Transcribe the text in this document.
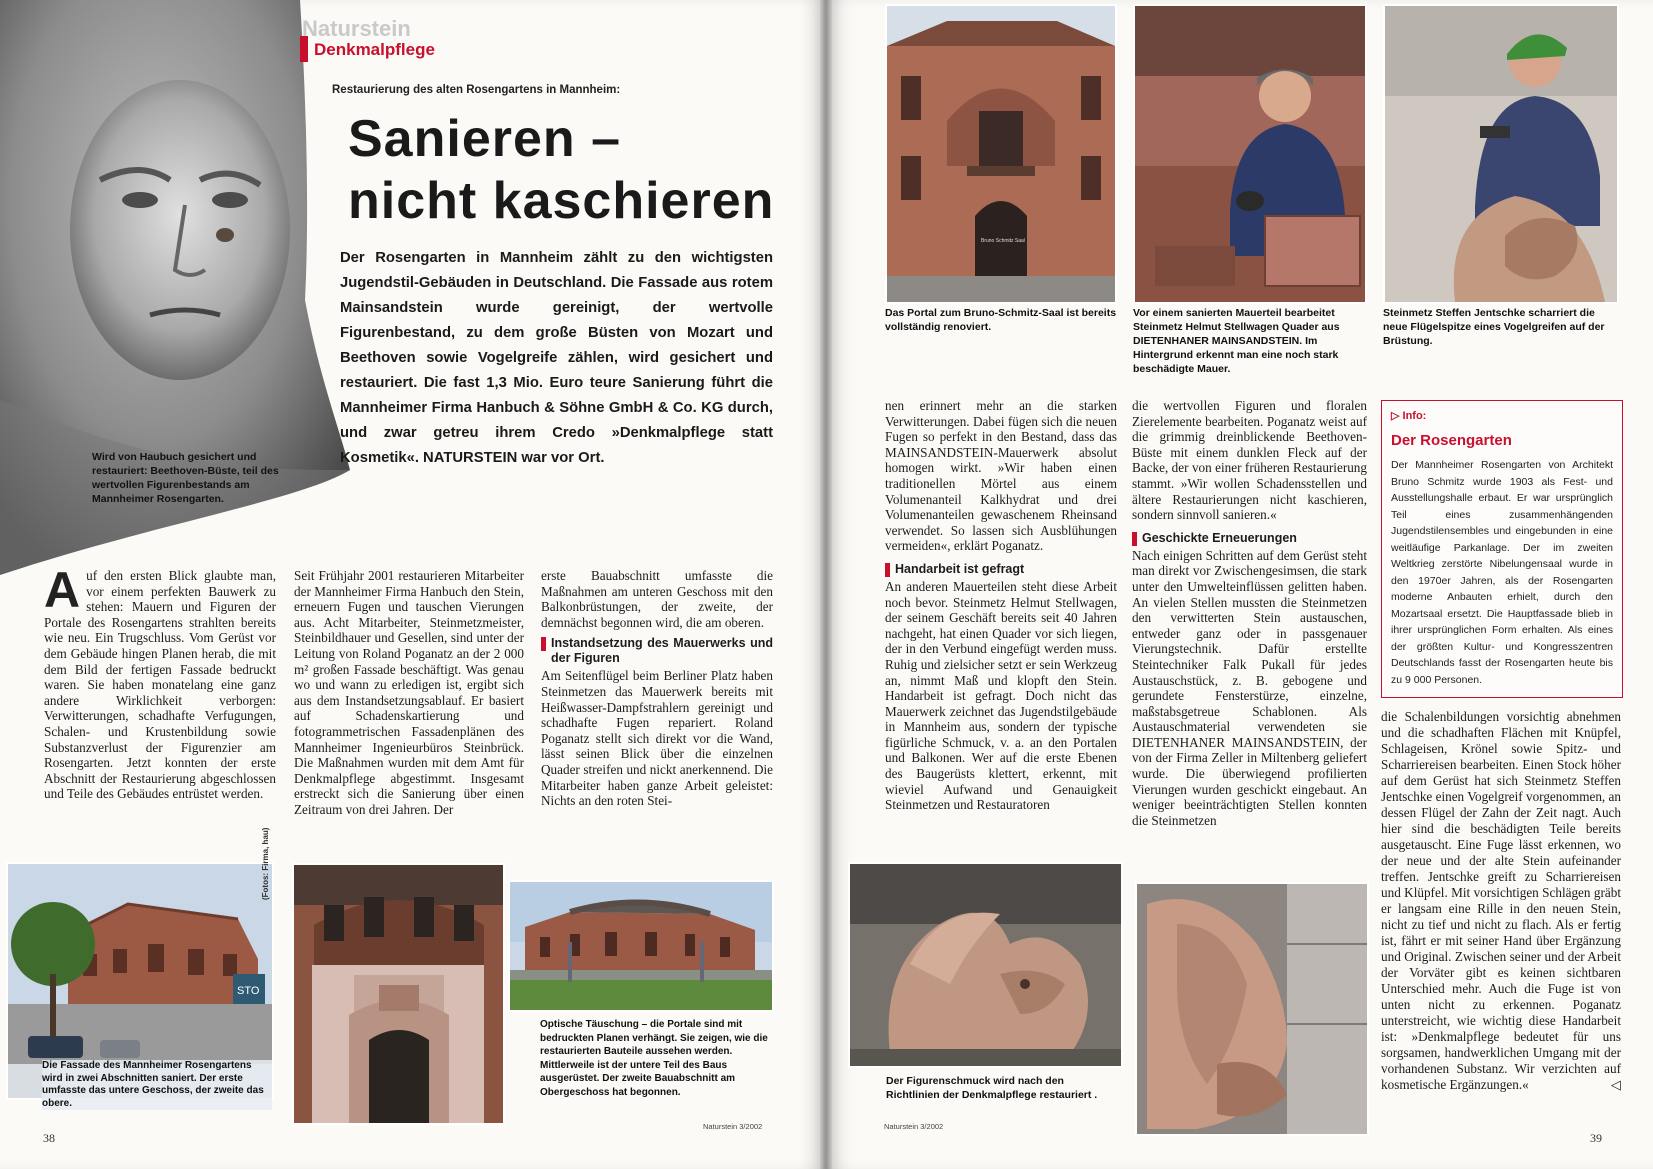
Wird von Haubuch gesichert und restauriert: Beethoven-Büste, teil des wertvollen Figurenbestands am Mannheimer Rosengarten.
Naturstein
Denkmalpflege
Restaurierung des alten Rosengartens in Mannheim:
Sanieren –
nicht kaschieren
Der Rosengarten in Mannheim zählt zu den wichtigsten Jugendstil-Gebäuden in Deutschland. Die Fassade aus rotem Mainsandstein wurde gereinigt, der wertvolle Figurenbestand, zu dem große Büsten von Mozart und Beethoven sowie Vogelgreife zählen, wird gesichert und restauriert. Die fast 1,3 Mio. Euro teure Sanierung führt die Mannheimer Firma Hanbuch & Söhne GmbH & Co. KG durch, und zwar getreu ihrem Credo »Denkmalpflege statt Kosmetik«. NATURSTEIN war vor Ort.
A uf den ersten Blick glaubte man, vor einem perfekten Bauwerk zu stehen: Mauern und Figuren der Portale des Rosengartens strahlten bereits wie neu. Ein Trugschluss. Vom Gerüst vor dem Gebäude hingen Planen herab, die mit dem Bild der fertigen Fassade bedruckt waren. Sie haben monatelang eine ganz andere Wirklichkeit verborgen: Verwitterungen, schadhafte Verfugungen, Schalen- und Krustenbildung sowie Substanzverlust der Figurenzier am Rosengarten. Jetzt konnten der erste Abschnitt der Restaurierung abgeschlossen und Teile des Gebäudes entrüstet werden.

Seit Frühjahr 2001 restaurieren Mitarbeiter der Mannheimer Firma Hanbuch den Stein, erneuern Fugen und tauschen Vierungen aus. Acht Mitarbeiter, Steinmetzmeister, Steinbildhauer und Gesellen, sind unter der Leitung von Roland Poganatz an der 2 000 m² großen Fassade beschäftigt. Was genau wo und wann zu erledigen ist, ergibt sich aus dem Instandsetzungsablauf. Er basiert auf Schadenskartierung und fotogrammetrischen Fassadenplänen des Mannheimer Ingenieurbüros Steinbrück. Die Maßnahmen wurden mit dem Amt für Denkmalpflege abgestimmt. Insgesamt erstreckt sich die Sanierung über einen Zeitraum von drei Jahren. Der

erste Bauabschnitt umfasste die Maßnahmen am unteren Geschoss mit den Balkonbrüstungen, der zweite, der demnächst begonnen wird, die am oberen.

Instandsetzung des Mauerwerks und der Figuren

Am Seitenflügel beim Berliner Platz haben Steinmetzen das Mauerwerk bereits mit Heißwasser-Dampfstrahlern gereinigt und schadhafte Fugen repariert. Roland Poganatz stellt sich direkt vor die Wand, lässt seinen Blick über die einzelnen Quader streifen und nickt anerkennend. Die Mitarbeiter haben ganze Arbeit geleistet: Nichts an den roten Stei-

STO
Die Fassade des Mannheimer Rosengartens wird in zwei Abschnitten saniert. Der erste umfasste das untere Geschoss, der zweite das obere.
(Fotos: Firma, hau)
Optische Täuschung – die Portale sind mit bedruckten Planen verhängt. Sie zeigen, wie die restaurierten Bauteile aussehen werden. Mittlerweile ist der untere Teil des Baus ausgerüstet. Der zweite Bauabschnitt am Obergeschoss hat begonnen.
38
Naturstein 3/2002
Bruno Schmitz Saal
Das Portal zum Bruno-Schmitz-Saal ist bereits vollständig renoviert.
Vor einem sanierten Mauerteil bearbeitet Steinmetz Helmut Stellwagen Quader aus DIETENHANER MAINSANDSTEIN. Im Hintergrund erkennt man eine noch stark beschädigte Mauer.
Steinmetz Steffen Jentschke scharriert die neue Flügelspitze eines Vogelgreifen auf der Brüstung.

nen erinnert mehr an die starken Verwitterungen. Dabei fügen sich die neuen Fugen so perfekt in den Bestand, dass das MAINSANDSTEIN-Mauerwerk absolut homogen wirkt. »Wir haben einen traditionellen Mörtel aus einem Volumenanteil Kalkhydrat und drei Volumenanteilen gewaschenem Rheinsand verwendet. So lassen sich Ausblühungen vermeiden«, erklärt Poganatz.

Handarbeit ist gefragt

An anderen Mauerteilen steht diese Arbeit noch bevor. Steinmetz Helmut Stellwagen, der seinem Geschäft bereits seit 40 Jahren nachgeht, hat einen Quader vor sich liegen, der in den Verbund eingefügt werden muss. Ruhig und zielsicher setzt er sein Werkzeug an, nimmt Maß und klopft den Stein. Handarbeit ist gefragt. Doch nicht das Mauerwerk zeichnet das Jugendstilgebäude in Mannheim aus, sondern der typische figürliche Schmuck, v. a. an den Portalen und Balkonen. Wer auf die erste Ebenen des Baugerüsts klettert, erkennt, mit wieviel Aufwand und Genauigkeit Steinmetzen und Restauratoren

die wertvollen Figuren und floralen Zierelemente bearbeiten. Poganatz weist auf die grimmig dreinblickende Beethoven-Büste mit einem dunklen Fleck auf der Backe, der von einer früheren Restaurierung stammt. »Wir wollen Schadensstellen und ältere Restaurierungen nicht kaschieren, sondern sinnvoll sanieren.«

Geschickte Erneuerungen

Nach einigen Schritten auf dem Gerüst steht man direkt vor Zwischengesimsen, die stark unter den Umwelteinflüssen gelitten haben. An vielen Stellen mussten die Steinmetzen den verwitterten Stein austauschen, entweder ganz oder in passgenauer Vierungstechnik. Dafür erstellte Steintechniker Falk Pukall für jedes Austauschstück, z. B. gebogene und gerundete Fensterstürze, einzelne, maßstabsgetreue Schablonen. Als Austauschmaterial verwendeten sie DIETENHANER MAINSANDSTEIN, der von der Firma Zeller in Miltenberg geliefert wurde. Die überwiegend profilierten Vierungen wurden geschickt eingebaut. An weniger beeinträchtigten Stellen konnten die Steinmetzen

▷ Info:
Der Rosengarten
Der Mannheimer Rosengarten von Architekt Bruno Schmitz wurde 1903 als Fest- und Ausstellungshalle erbaut. Er war ursprünglich Teil eines zusammenhängenden Jugendstilensembles und eingebunden in eine weitläufige Parkanlage. Der im zweiten Weltkrieg zerstörte Nibelungensaal wurde in den 1970er Jahren, als der Rosengarten moderne Anbauten erhielt, durch den Mozartsaal ersetzt. Die Hauptfassade blieb in ihrer ursprünglichen Form erhalten. Als eines der größten Kultur- und Kongresszentren Deutschlands fasst der Rosengarten heute bis zu 9 000 Personen.

die Schalenbildungen vorsichtig abnehmen und die schadhaften Flächen mit Knüpfel, Schlageisen, Krönel sowie Spitz- und Scharriereisen bearbeiten. Einen Stock höher auf dem Gerüst hat sich Steinmetz Steffen Jentschke einen Vogelgreif vorgenommen, an dessen Flügel der Zahn der Zeit nagt. Auch hier sind die beschädigten Teile bereits ausgetauscht. Eine Fuge lässt erkennen, wo der neue und der alte Stein aufeinander treffen. Jentschke greift zu Scharriereisen und Klüpfel. Mit vorsichtigen Schlägen gräbt er langsam eine Rille in den neuen Stein, nicht zu tief und nicht zu flach. Als er fertig ist, fährt er mit seiner Hand über Ergänzung und Original. Zwischen seiner und der Arbeit der Vorväter gibt es keinen sichtbaren Unterschied mehr. Auch die Fuge ist von unten nicht zu erkennen. Poganatz unterstreicht, wie wichtig diese Handarbeit ist: »Denkmalpflege bedeutet für uns sorgsamen, handwerklichen Umgang mit der vorhandenen Substanz. Wir verzichten auf kosmetische Ergänzungen.«	◁

Der Figurenschmuck wird nach den Richtlinien der Denkmalpflege restauriert .
39
Naturstein 3/2002
